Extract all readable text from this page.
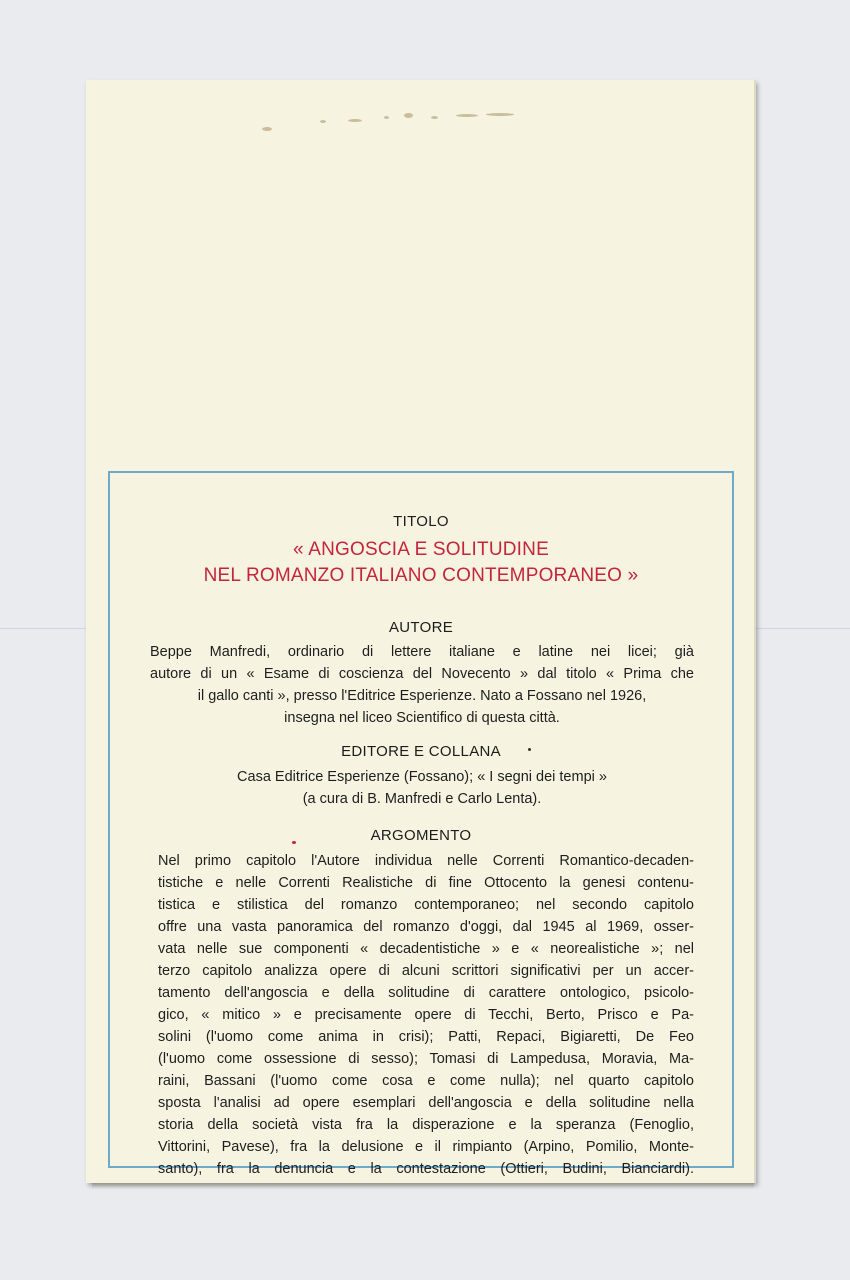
TITOLO
« ANGOSCIA E SOLITUDINE
NEL ROMANZO ITALIANO CONTEMPORANEO »
AUTORE
Beppe Manfredi, ordinario di lettere italiane e latine nei licei; già
autore di un « Esame di coscienza del Novecento » dal titolo « Prima che
il gallo canti », presso l'Editrice Esperienze. Nato a Fossano nel 1926,
insegna nel liceo Scientifico di questa città.
EDITORE E COLLANA
Casa Editrice Esperienze (Fossano); « I segni dei tempi »
(a cura di B. Manfredi e Carlo Lenta).
ARGOMENTO
Nel primo capitolo l'Autore individua nelle Correnti Romantico-decaden-
tistiche e nelle Correnti Realistiche di fine Ottocento la genesi contenu-
tistica e stilistica del romanzo contemporaneo; nel secondo capitolo
offre una vasta panoramica del romanzo d'oggi, dal 1945 al 1969, osser-
vata nelle sue componenti « decadentistiche » e « neorealistiche »; nel
terzo capitolo analizza opere di alcuni scrittori significativi per un accer-
tamento dell'angoscia e della solitudine di carattere ontologico, psicolo-
gico, « mitico » e precisamente opere di Tecchi, Berto, Prisco e Pa-
solini (l'uomo come anima in crisi); Patti, Repaci, Bigiaretti, De Feo
(l'uomo come ossessione di sesso); Tomasi di Lampedusa, Moravia, Ma-
raini, Bassani (l'uomo come cosa e come nulla); nel quarto capitolo
sposta l'analisi ad opere esemplari dell'angoscia e della solitudine nella
storia della società vista fra la disperazione e la speranza (Fenoglio,
Vittorini, Pavese), fra la delusione e il rimpianto (Arpino, Pomilio, Monte-
santo), fra la denuncia e la contestazione (Ottieri, Budini, Bianciardi).
